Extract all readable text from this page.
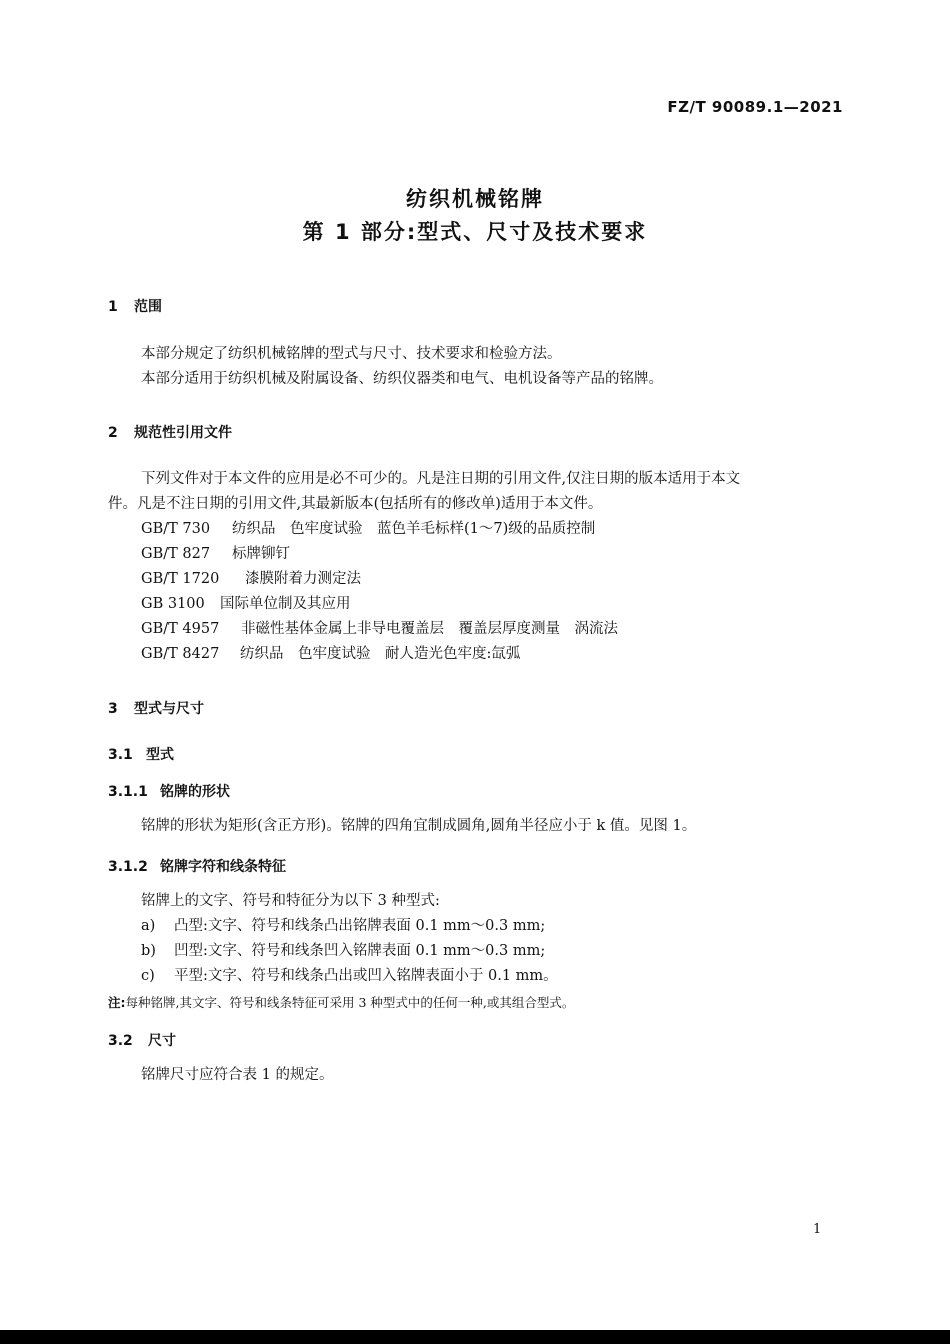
FZ/T 90089.1—2021
纺织机械铭牌
第 1 部分:型式、尺寸及技术要求
1 范围
本部分规定了纺织机械铭牌的型式与尺寸、技术要求和检验方法。
本部分适用于纺织机械及附属设备、纺织仪器类和电气、电机设备等产品的铭牌。
2 规范性引用文件
下列文件对于本文件的应用是必不可少的。凡是注日期的引用文件,仅注日期的版本适用于本文
件。凡是不注日期的引用文件,其最新版本(包括所有的修改单)适用于本文件。
GB/T 730 纺织品　色牢度试验　蓝色羊毛标样(1～7)级的品质控制
GB/T 827 标牌铆钉
GB/T 1720 漆膜附着力测定法
GB 3100 国际单位制及其应用
GB/T 4957 非磁性基体金属上非导电覆盖层　覆盖层厚度测量　涡流法
GB/T 8427 纺织品　色牢度试验　耐人造光色牢度:氙弧
3 型式与尺寸
3.1 型式
3.1.1 铭牌的形状
铭牌的形状为矩形(含正方形)。铭牌的四角宜制成圆角,圆角半径应小于 k 值。见图 1。
3.1.2 铭牌字符和线条特征
铭牌上的文字、符号和特征分为以下 3 种型式:
a) 凸型:文字、符号和线条凸出铭牌表面 0.1 mm～0.3 mm;
b) 凹型:文字、符号和线条凹入铭牌表面 0.1 mm～0.3 mm;
c) 平型:文字、符号和线条凸出或凹入铭牌表面小于 0.1 mm。
注:每种铭牌,其文字、符号和线条特征可采用 3 种型式中的任何一种,或其组合型式。
3.2 尺寸
铭牌尺寸应符合表 1 的规定。
1
